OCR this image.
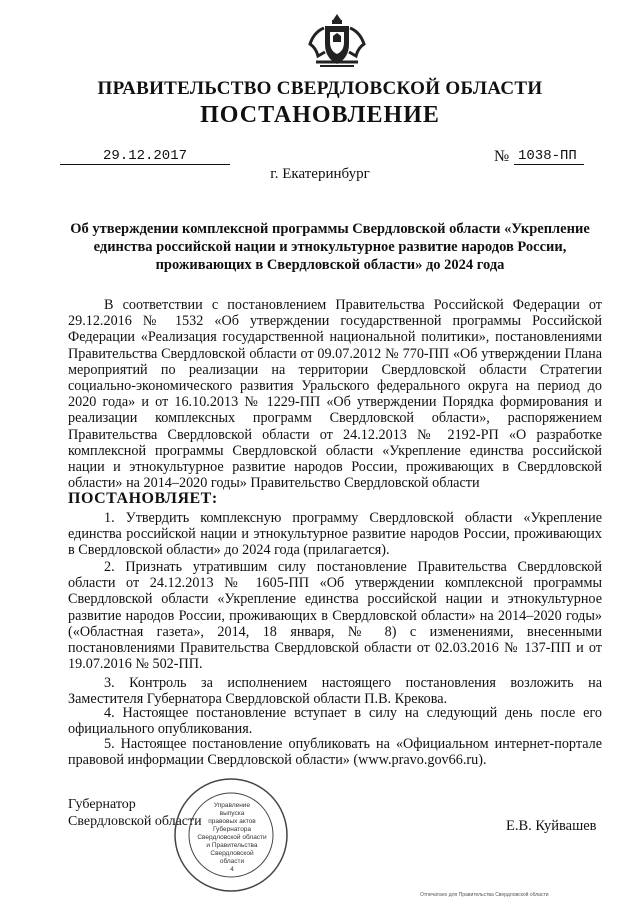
ПРАВИТЕЛЬСТВО СВЕРДЛОВСКОЙ ОБЛАСТИ
ПОСТАНОВЛЕНИЕ
29.12.2017	№ 1038-ПП
г. Екатеринбург
Об утверждении комплексной программы Свердловской области «Укрепление единства российской нации и этнокультурное развитие народов России, проживающих в Свердловской области» до 2024 года
В соответствии с постановлением Правительства Российской Федерации от 29.12.2016 № 1532 «Об утверждении государственной программы Российской Федерации «Реализация государственной национальной политики», постановлениями Правительства Свердловской области от 09.07.2012 № 770-ПП «Об утверждении Плана мероприятий по реализации на территории Свердловской области Стратегии социально-экономического развития Уральского федерального округа на период до 2020 года» и от 16.10.2013 № 1229-ПП «Об утверждении Порядка формирования и реализации комплексных программ Свердловской области», распоряжением Правительства Свердловской области от 24.12.2013 № 2192-РП «О разработке комплексной программы Свердловской области «Укрепление единства российской нации и этнокультурное развитие народов России, проживающих в Свердловской области» на 2014–2020 годы» Правительство Свердловской области
ПОСТАНОВЛЯЕТ:
1. Утвердить комплексную программу Свердловской области «Укрепление единства российской нации и этнокультурное развитие народов России, проживающих в Свердловской области» до 2024 года (прилагается).
2. Признать утратившим силу постановление Правительства Свердловской области от 24.12.2013 № 1605-ПП «Об утверждении комплексной программы Свердловской области «Укрепление единства российской нации и этнокультурное развитие народов России, проживающих в Свердловской области» на 2014–2020 годы» («Областная газета», 2014, 18 января, № 8) с изменениями, внесенными постановлениями Правительства Свердловской области от 02.03.2016 № 137-ПП и от 19.07.2016 № 502-ПП.
3. Контроль за исполнением настоящего постановления возложить на Заместителя Губернатора Свердловской области П.В. Крекова.
4. Настоящее постановление вступает в силу на следующий день после его официального опубликования.
5. Настоящее постановление опубликовать на «Официальном интернет-портале правовой информации Свердловской области» (www.pravo.gov66.ru).
Губернатор
Свердловской области
Управление
выпуска
правовых актов
Губернатора
Свердловской области
и Правительства
Свердловской
области
4
Е.В. Куйвашев
Отпечатано для Правительства Свердловской области
